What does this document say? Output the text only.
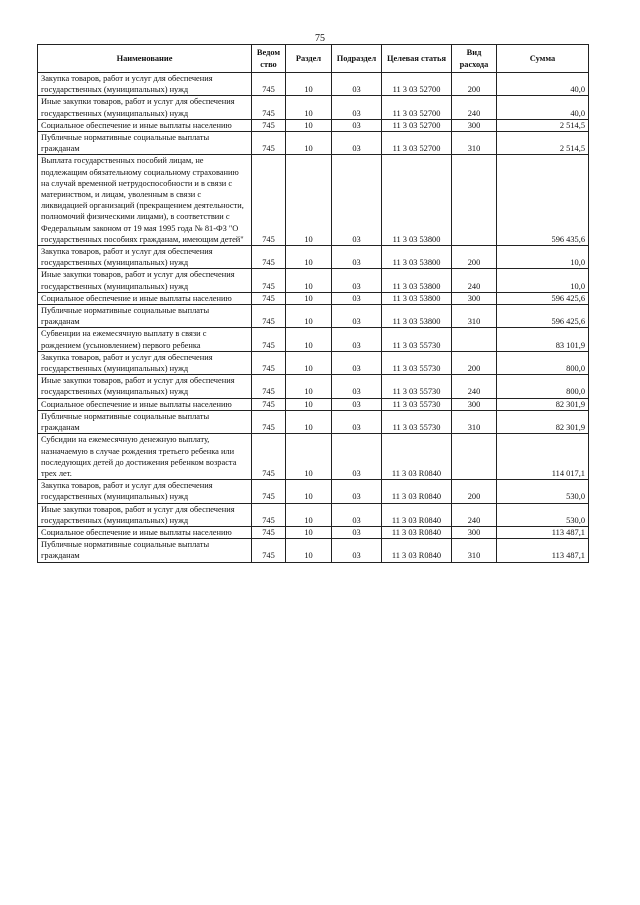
75
Наименование	Ведом ство	Раздел	Подраздел	Целевая статья	Вид расхода	Сумма
Закупка товаров, работ и услуг для обеспечения государственных (муниципальных) нужд	745	10	03	11 3 03 52700	200	40,0
Иные закупки товаров, работ и услуг для обеспечения государственных (муниципальных) нужд	745	10	03	11 3 03 52700	240	40,0
Социальное обеспечение и иные выплаты населению	745	10	03	11 3 03 52700	300	2 514,5
Публичные нормативные социальные выплаты гражданам	745	10	03	11 3 03 52700	310	2 514,5
Выплата государственных пособий лицам, не подлежащим обязательному социальному страхованию на случай временной нетрудоспособности и в связи с материнством, и лицам, уволенным в связи с ликвидацией организаций (прекращением деятельности, полномочий физическими лицами), в соответствии с Федеральным законом от 19 мая 1995 года № 81-ФЗ "О государственных пособиях гражданам, имеющим детей"	745	10	03	11 3 03 53800		596 435,6
Закупка товаров, работ и услуг для обеспечения государственных (муниципальных) нужд	745	10	03	11 3 03 53800	200	10,0
Иные закупки товаров, работ и услуг для обеспечения государственных (муниципальных) нужд	745	10	03	11 3 03 53800	240	10,0
Социальное обеспечение и иные выплаты населению	745	10	03	11 3 03 53800	300	596 425,6
Публичные нормативные социальные выплаты гражданам	745	10	03	11 3 03 53800	310	596 425,6
Субвенции на ежемесячную выплату в связи с рождением (усыновлением) первого ребенка	745	10	03	11 3 03 55730		83 101,9
Закупка товаров, работ и услуг для обеспечения государственных (муниципальных) нужд	745	10	03	11 3 03 55730	200	800,0
Иные закупки товаров, работ и услуг для обеспечения государственных (муниципальных) нужд	745	10	03	11 3 03 55730	240	800,0
Социальное обеспечение и иные выплаты населению	745	10	03	11 3 03 55730	300	82 301,9
Публичные нормативные социальные выплаты гражданам	745	10	03	11 3 03 55730	310	82 301,9
Субсидии на ежемесячную денежную выплату, назначаемую в случае рождения третьего ребенка или последующих детей до достижения ребенком возраста трех лет.	745	10	03	11 3 03 R0840		114 017,1
Закупка товаров, работ и услуг для обеспечения государственных (муниципальных) нужд	745	10	03	11 3 03 R0840	200	530,0
Иные закупки товаров, работ и услуг для обеспечения государственных (муниципальных) нужд	745	10	03	11 3 03 R0840	240	530,0
Социальное обеспечение и иные выплаты населению	745	10	03	11 3 03 R0840	300	113 487,1
Публичные нормативные социальные выплаты гражданам	745	10	03	11 3 03 R0840	310	113 487,1
